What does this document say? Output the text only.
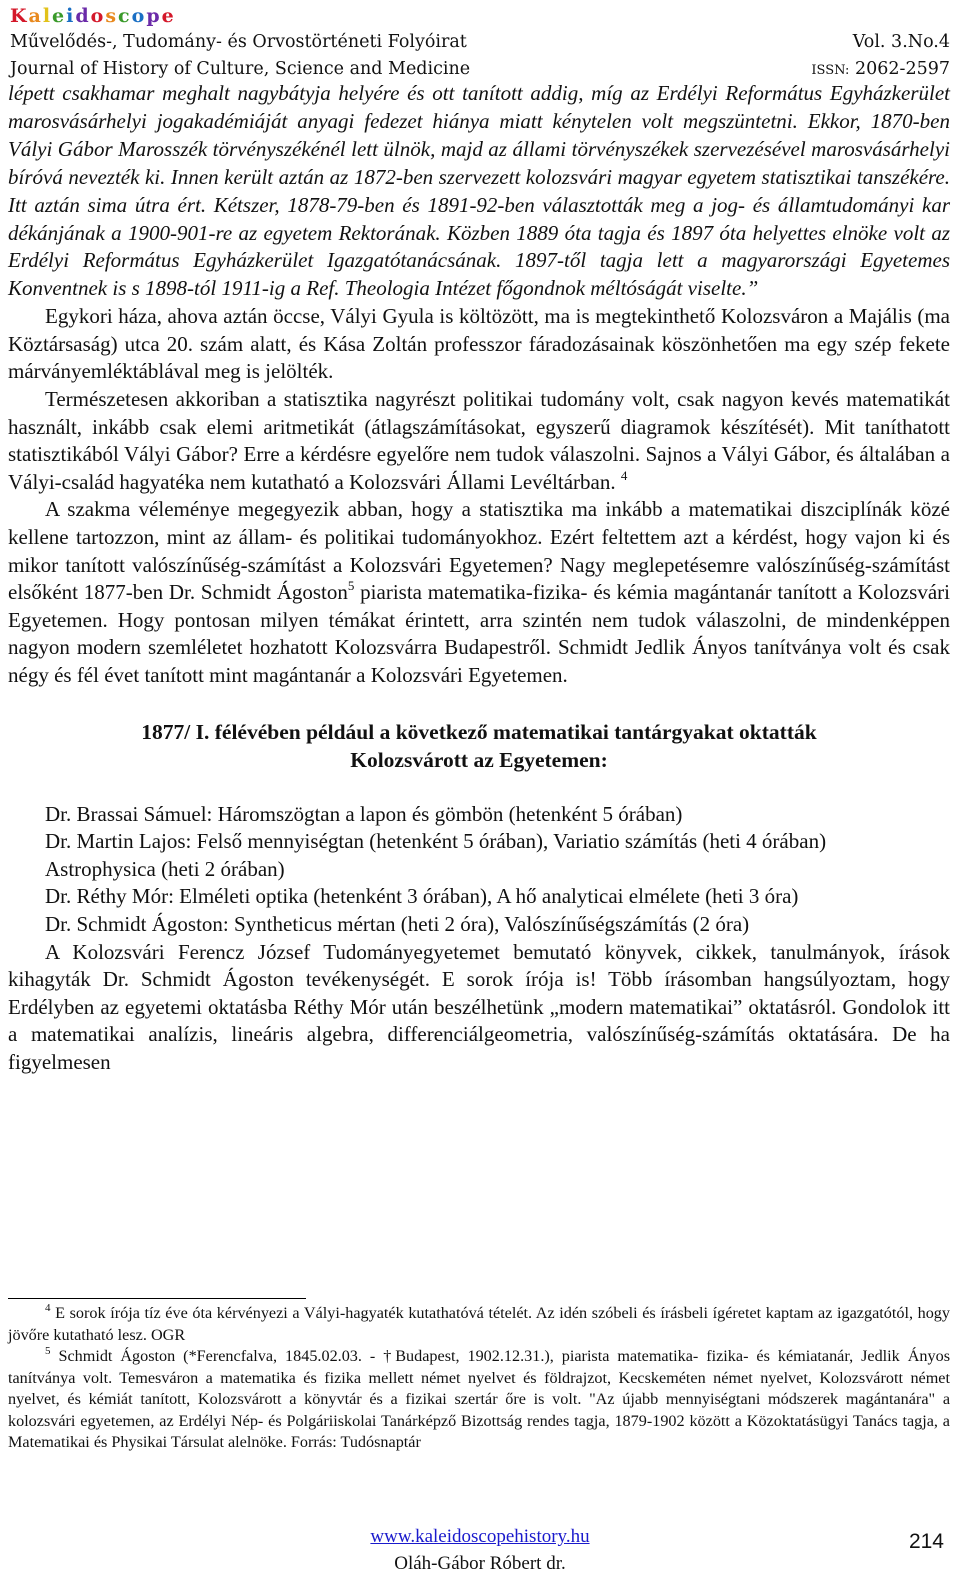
Kaleidoscope
Művelődés-, Tudomány- és Orvostörténeti Folyóirat	Vol. 3.No.4
Journal of History of Culture, Science and Medicine	ISSN: 2062-2597

lépett csakhamar meghalt nagybátyja helyére és ott tanított addig, míg az Erdélyi Református Egyházkerület marosvásárhelyi jogakadémiáját anyagi fedezet hiánya miatt kénytelen volt megszüntetni. Ekkor, 1870-ben Vályi Gábor Marosszék törvényszékénél lett ülnök, majd az állami törvényszékek szervezésével marosvásárhelyi bíróvá nevezték ki. Innen került aztán az 1872-ben szervezett kolozsvári magyar egyetem statisztikai tanszékére. Itt aztán sima útra ért. Kétszer, 1878-79-ben és 1891-92-ben választották meg a jog- és államtudományi kar dékánjának a 1900-901-re az egyetem Rektorának. Közben 1889 óta tagja és 1897 óta helyettes elnöke volt az Erdélyi Református Egyházkerület Igazgatótanácsának. 1897-től tagja lett a magyarországi Egyetemes Konventnek is s 1898-tól 1911-ig a Ref. Theologia Intézet főgondnok méltóságát viselte.”

Egykori háza, ahova aztán öccse, Vályi Gyula is költözött, ma is megtekinthető Kolozsváron a Majális (ma Köztársaság) utca 20. szám alatt, és Kása Zoltán professzor fáradozásainak köszönhetően ma egy szép fekete márványemléktáblával meg is jelölték.

Természetesen akkoriban a statisztika nagyrészt politikai tudomány volt, csak nagyon kevés matematikát használt, inkább csak elemi aritmetikát (átlagszámításokat, egyszerű diagramok készítését). Mit taníthatott statisztikából Vályi Gábor? Erre a kérdésre egyelőre nem tudok válaszolni. Sajnos a Vályi Gábor, és általában a Vályi-család hagyatéka nem kutatható a Kolozsvári Állami Levéltárban. $^4$

A szakma véleménye megegyezik abban, hogy a statisztika ma inkább a matematikai diszciplínák közé kellene tartozzon, mint az állam- és politikai tudományokhoz. Ezért feltettem azt a kérdést, hogy vajon ki és mikor tanított valószínűség-számítást a Kolozsvári Egyetemen? Nagy meglepetésemre valószínűség-számítást elsőként 1877-ben Dr. Schmidt Ágoston$^5$ piarista matematika-fizika- és kémia magántanár tanított a Kolozsvári Egyetemen. Hogy pontosan milyen témákat érintett, arra szintén nem tudok válaszolni, de mindenképpen nagyon modern szemléletet hozhatott Kolozsvárra Budapestről. Schmidt Jedlik Ányos tanítványa volt és csak négy és fél évet tanított mint magántanár a Kolozsvári Egyetemen.

1877/ I. félévében például a következő matematikai tantárgyakat oktatták
Kolozsvárott az Egyetemen:

Dr. Brassai Sámuel: Háromszögtan a lapon és gömbön (hetenként 5 órában)

Dr. Martin Lajos: Felső mennyiségtan (hetenként 5 órában), Variatio számítás (heti 4 órában)

Astrophysica (heti 2 órában)

Dr. Réthy Mór: Elméleti optika (hetenként 3 órában), A hő analyticai elmélete (heti 3 óra)

Dr. Schmidt Ágoston: Syntheticus mértan (heti 2 óra), Valószínűségszámítás (2 óra)

A Kolozsvári Ferencz József Tudományegyetemet bemutató könyvek, cikkek, tanulmányok, írások kihagyták Dr. Schmidt Ágoston tevékenységét. E sorok írója is! Több írásomban hangsúlyoztam, hogy Erdélyben az egyetemi oktatásba Réthy Mór után beszélhetünk „modern matematikai” oktatásról. Gondolok itt a matematikai analízis, lineáris algebra, differenciálgeometria, valószínűség-számítás oktatására. De ha figyelmesen

$^4$ E sorok írója tíz éve óta kérvényezi a Vályi-hagyaték kutathatóvá tételét. Az idén szóbeli és írásbeli ígéretet kaptam az igazgatótól, hogy jövőre kutatható lesz. OGR

$^5$ Schmidt Ágoston (*Ferencfalva, 1845.02.03. - †Budapest, 1902.12.31.), piarista matematika- fizika- és kémiatanár, Jedlik Ányos tanítványa volt. Temesváron a matematika és fizika mellett német nyelvet és földrajzot, Kecskeméten német nyelvet, Kolozsvárott német nyelvet, és kémiát tanított, Kolozsvárott a könyvtár és a fizikai szertár őre is volt. "Az újabb mennyiségtani módszerek magántanára" a kolozsvári egyetemen, az Erdélyi Nép- és Polgáriiskolai Tanárképző Bizottság rendes tagja, 1879-1902 között a Közoktatásügyi Tanács tagja, a Matematikai és Physikai Társulat alelnöke. Forrás: Tudósnaptár

www.kaleidoscopehistory.hu
Oláh-Gábor Róbert dr.
214
